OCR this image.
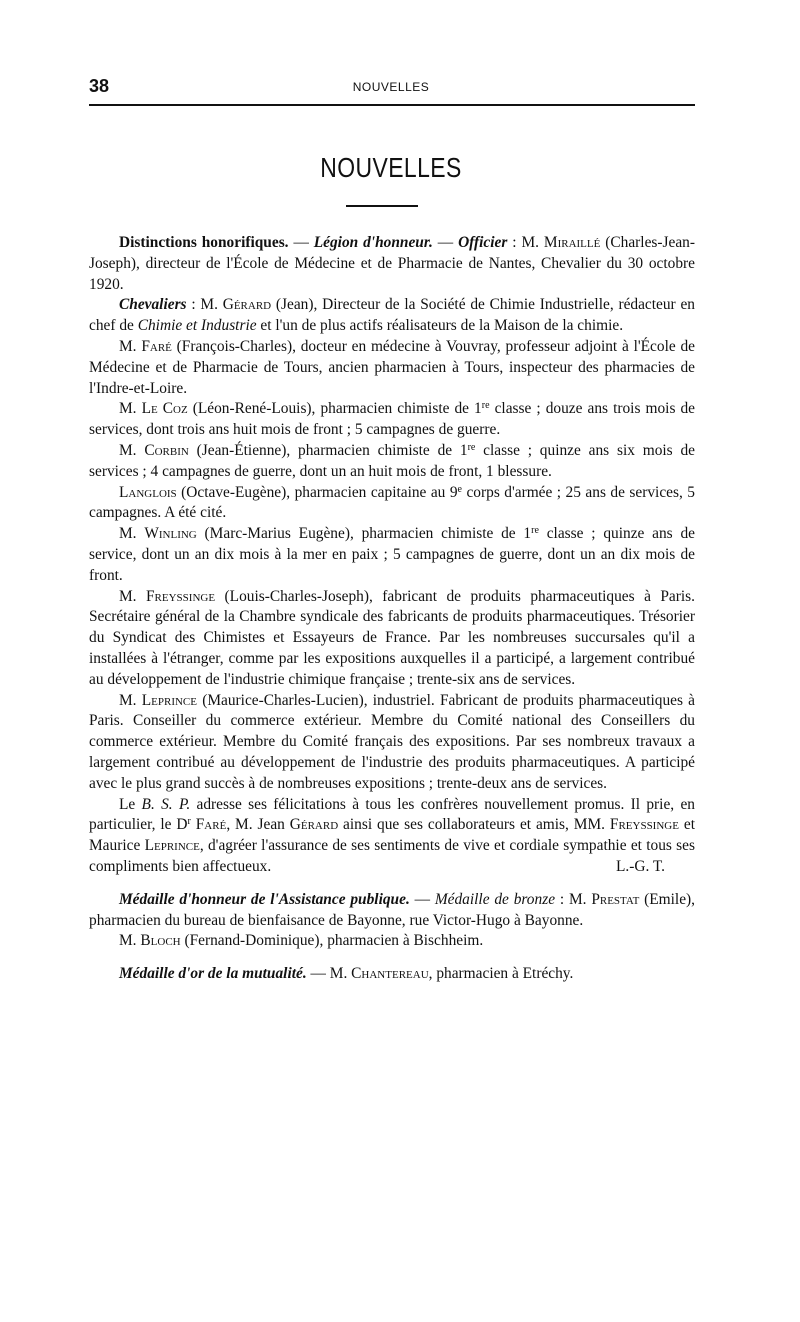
38	NOUVELLES
NOUVELLES

Distinctions honorifiques. — Légion d'honneur. — Officier : M. Miraillé (Charles-Jean-Joseph), directeur de l'École de Médecine et de Pharmacie de Nantes, Chevalier du 30 octobre 1920.

Chevaliers : M. Gérard (Jean), Directeur de la Société de Chimie Industrielle, rédacteur en chef de Chimie et Industrie et l'un de plus actifs réalisateurs de la Maison de la chimie.

M. Faré (François-Charles), docteur en médecine à Vouvray, professeur adjoint à l'École de Médecine et de Pharmacie de Tours, ancien pharmacien à Tours, inspecteur des pharmacies de l'Indre-et-Loire.

M. Le Coz (Léon-René-Louis), pharmacien chimiste de 1re classe ; douze ans trois mois de services, dont trois ans huit mois de front ; 5 campagnes de guerre.

M. Corbin (Jean-Étienne), pharmacien chimiste de 1re classe ; quinze ans six mois de services ; 4 campagnes de guerre, dont un an huit mois de front, 1 blessure.

Langlois (Octave-Eugène), pharmacien capitaine au 9e corps d'armée ; 25 ans de services, 5 campagnes. A été cité.

M. Winling (Marc-Marius Eugène), pharmacien chimiste de 1re classe ; quinze ans de service, dont un an dix mois à la mer en paix ; 5 campagnes de guerre, dont un an dix mois de front.

M. Freyssinge (Louis-Charles-Joseph), fabricant de produits pharmaceutiques à Paris. Secrétaire général de la Chambre syndicale des fabricants de produits pharmaceutiques. Trésorier du Syndicat des Chimistes et Essayeurs de France. Par les nombreuses succursales qu'il a installées à l'étranger, comme par les expositions auxquelles il a participé, a largement contribué au développement de l'industrie chimique française ; trente-six ans de services.

M. Leprince (Maurice-Charles-Lucien), industriel. Fabricant de produits pharmaceutiques à Paris. Conseiller du commerce extérieur. Membre du Comité national des Conseillers du commerce extérieur. Membre du Comité français des expositions. Par ses nombreux travaux a largement contribué au développement de l'industrie des produits pharmaceutiques. A participé avec le plus grand succès à de nombreuses expositions ; trente-deux ans de services.

Le B. S. P. adresse ses félicitations à tous les confrères nouvellement promus. Il prie, en particulier, le $D^r$ Faré, M. Jean Gérard ainsi que ses collaborateurs et amis, MM. Freyssinge et Maurice Leprince, d'agréer l'assurance de ses sentiments de vive et cordiale sympathie et tous ses compliments bien affectueux.	L.-G. T.

Médaille d'honneur de l'Assistance publique. — Médaille de bronze : M. Prestat (Emile), pharmacien du bureau de bienfaisance de Bayonne, rue Victor-Hugo à Bayonne.

M. Bloch (Fernand-Dominique), pharmacien à Bischheim.

Médaille d'or de la mutualité. — M. Chantereau, pharmacien à Etréchy.
